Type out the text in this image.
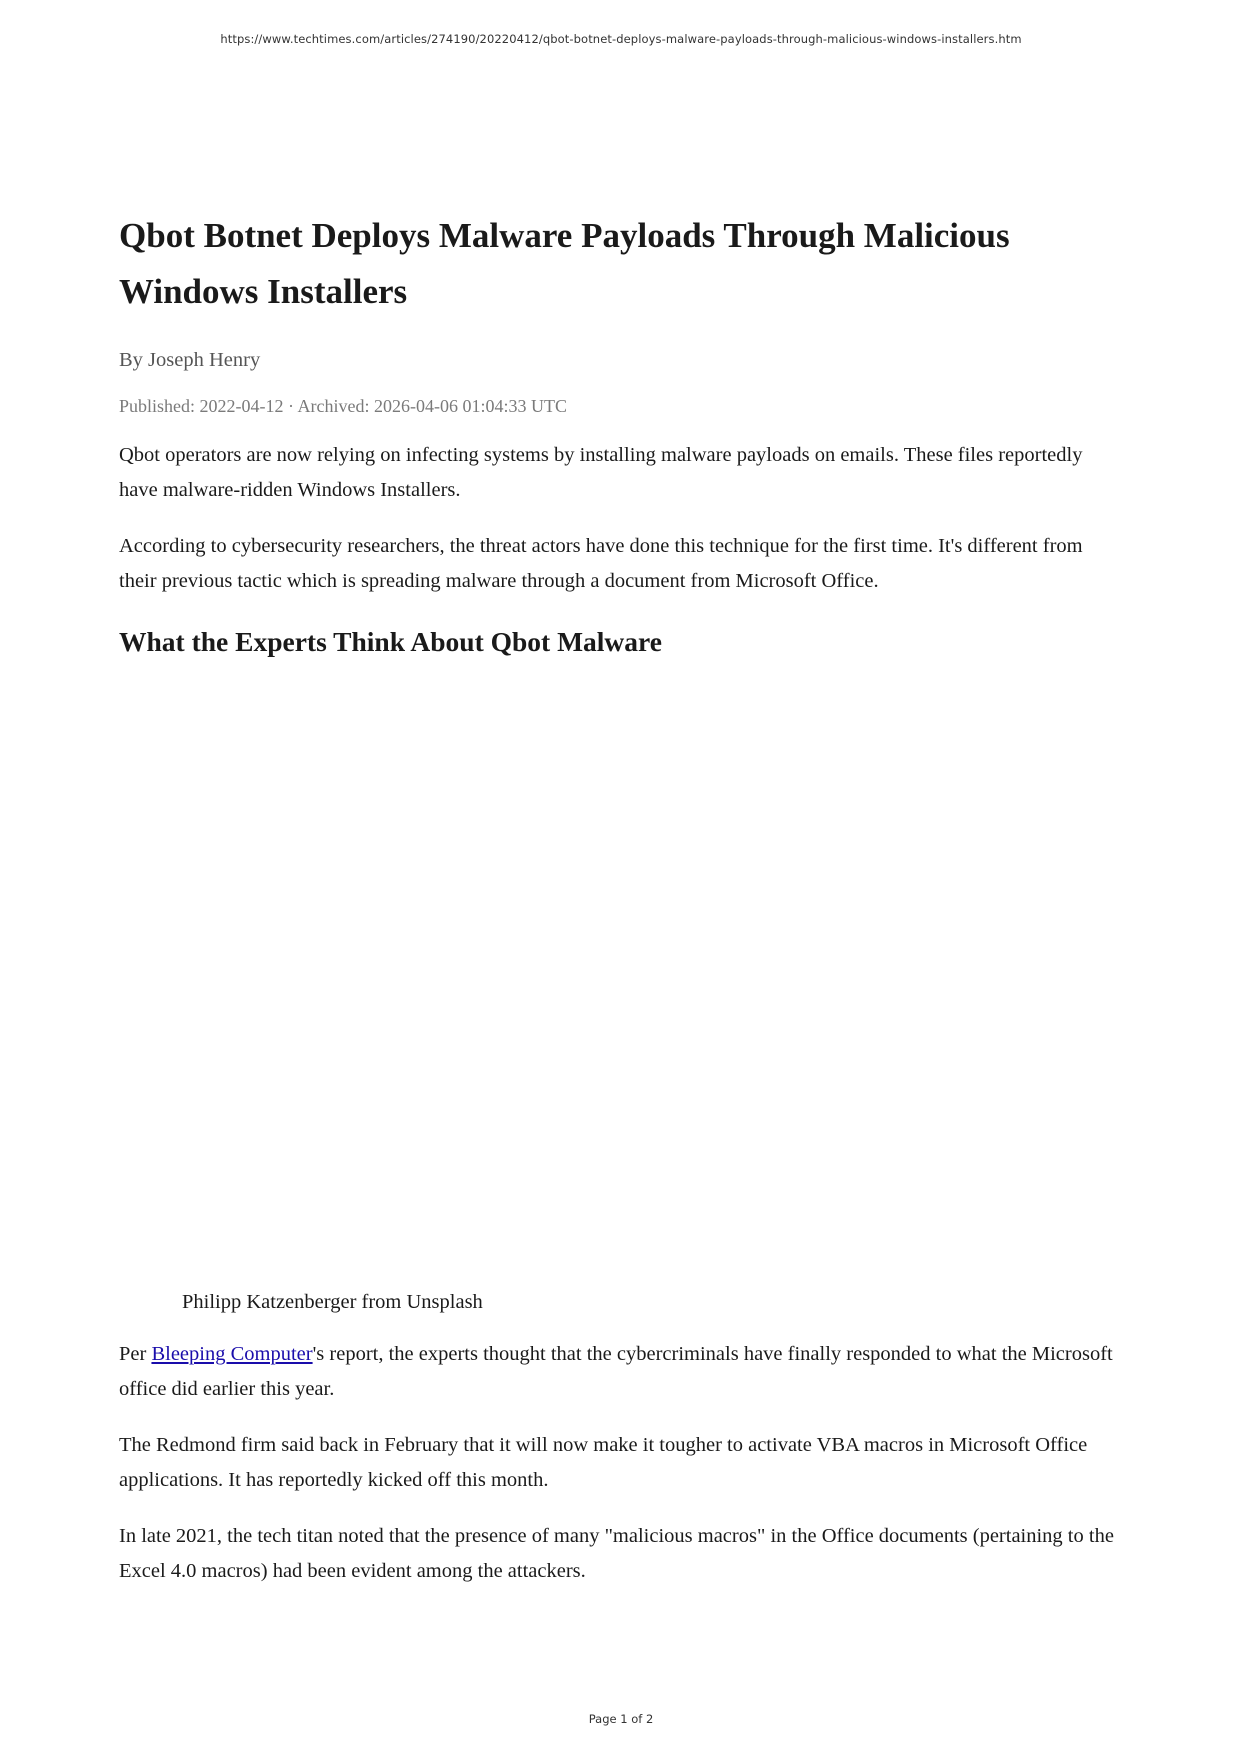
https://www.techtimes.com/articles/274190/20220412/qbot-botnet-deploys-malware-payloads-through-malicious-windows-installers.htm
Qbot Botnet Deploys Malware Payloads Through Malicious Windows Installers
By Joseph Henry
Published: 2022-04-12 · Archived: 2026-04-06 01:04:33 UTC

Qbot operators are now relying on infecting systems by installing malware payloads on emails. These files reportedly have malware-ridden Windows Installers.

According to cybersecurity researchers, the threat actors have done this technique for the first time. It's different from their previous tactic which is spreading malware through a document from Microsoft Office.

What the Experts Think About Qbot Malware
Philipp Katzenberger from Unsplash

Per Bleeping Computer's report, the experts thought that the cybercriminals have finally responded to what the Microsoft office did earlier this year.

The Redmond firm said back in February that it will now make it tougher to activate VBA macros in Microsoft Office applications. It has reportedly kicked off this month.

In late 2021, the tech titan noted that the presence of many "malicious macros" in the Office documents (pertaining to the Excel 4.0 macros) had been evident among the attackers.

Page 1 of 2
